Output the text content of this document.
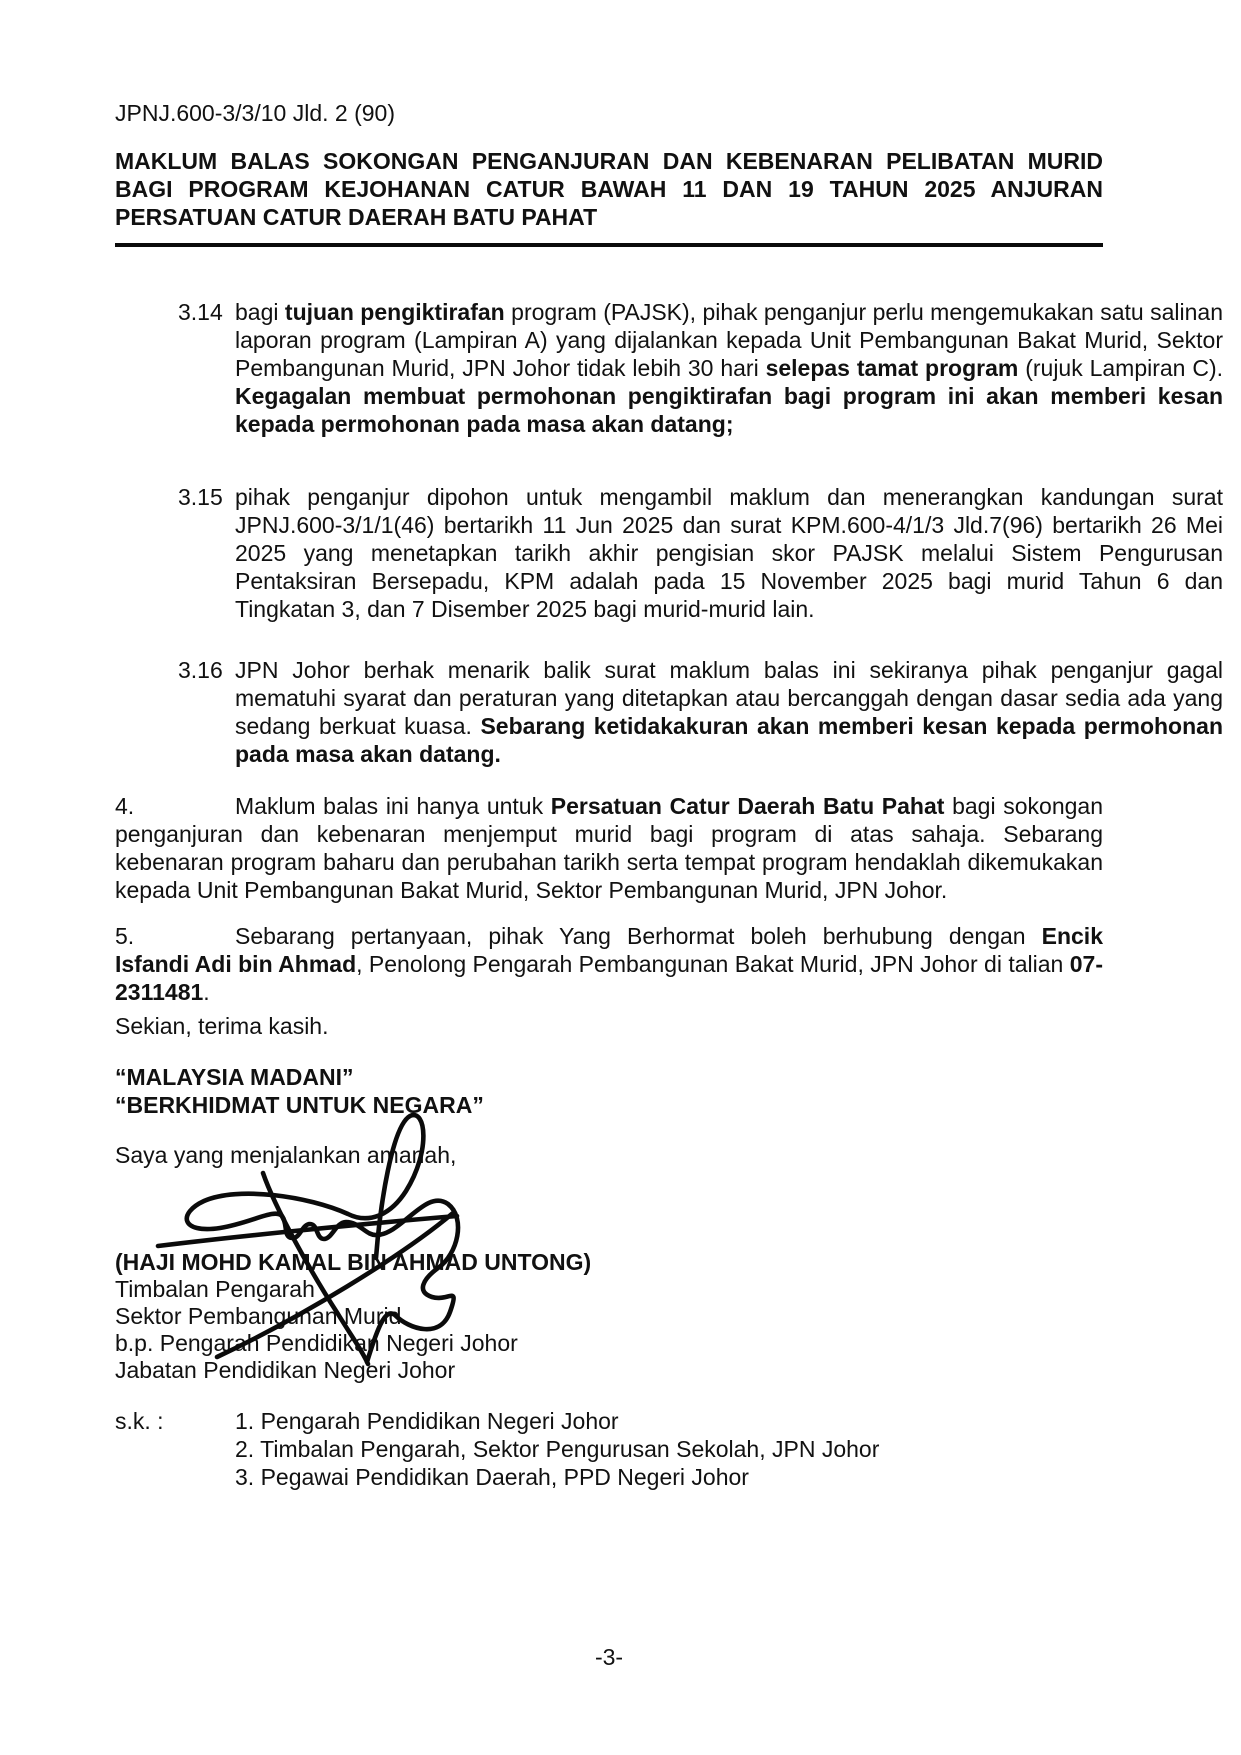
JPNJ.600-3/3/10 Jld. 2 (90)
MAKLUM BALAS SOKONGAN PENGANJURAN DAN KEBENARAN PELIBATAN MURID BAGI PROGRAM KEJOHANAN CATUR BAWAH 11 DAN 19 TAHUN 2025 ANJURAN PERSATUAN CATUR DAERAH BATU PAHAT
3.14 bagi tujuan pengiktirafan program (PAJSK), pihak penganjur perlu mengemukakan satu salinan laporan program (Lampiran A) yang dijalankan kepada Unit Pembangunan Bakat Murid, Sektor Pembangunan Murid, JPN Johor tidak lebih 30 hari selepas tamat program (rujuk Lampiran C). Kegagalan membuat permohonan pengiktirafan bagi program ini akan memberi kesan kepada permohonan pada masa akan datang;
3.15 pihak penganjur dipohon untuk mengambil maklum dan menerangkan kandungan surat JPNJ.600-3/1/1(46) bertarikh 11 Jun 2025 dan surat KPM.600-4/1/3 Jld.7(96) bertarikh 26 Mei 2025 yang menetapkan tarikh akhir pengisian skor PAJSK melalui Sistem Pengurusan Pentaksiran Bersepadu, KPM adalah pada 15 November 2025 bagi murid Tahun 6 dan Tingkatan 3, dan 7 Disember 2025 bagi murid-murid lain.
3.16 JPN Johor berhak menarik balik surat maklum balas ini sekiranya pihak penganjur gagal mematuhi syarat dan peraturan yang ditetapkan atau bercanggah dengan dasar sedia ada yang sedang berkuat kuasa. Sebarang ketidakakuran akan memberi kesan kepada permohonan pada masa akan datang.
4.	Maklum balas ini hanya untuk Persatuan Catur Daerah Batu Pahat bagi sokongan penganjuran dan kebenaran menjemput murid bagi program di atas sahaja. Sebarang kebenaran program baharu dan perubahan tarikh serta tempat program hendaklah dikemukakan kepada Unit Pembangunan Bakat Murid, Sektor Pembangunan Murid, JPN Johor.
5.	Sebarang pertanyaan, pihak Yang Berhormat boleh berhubung dengan Encik Isfandi Adi bin Ahmad, Penolong Pengarah Pembangunan Bakat Murid, JPN Johor di talian 07-2311481.
Sekian, terima kasih.
“MALAYSIA MADANI”
“BERKHIDMAT UNTUK NEGARA”
Saya yang menjalankan amanah,
(HAJI MOHD KAMAL BIN AHMAD UNTONG)
Timbalan Pengarah
Sektor Pembangunan Murid
b.p. Pengarah Pendidikan Negeri Johor
Jabatan Pendidikan Negeri Johor
s.k. :	1. Pengarah Pendidikan Negeri Johor
2. Timbalan Pengarah, Sektor Pengurusan Sekolah, JPN Johor
3. Pegawai Pendidikan Daerah, PPD Negeri Johor
-3-
